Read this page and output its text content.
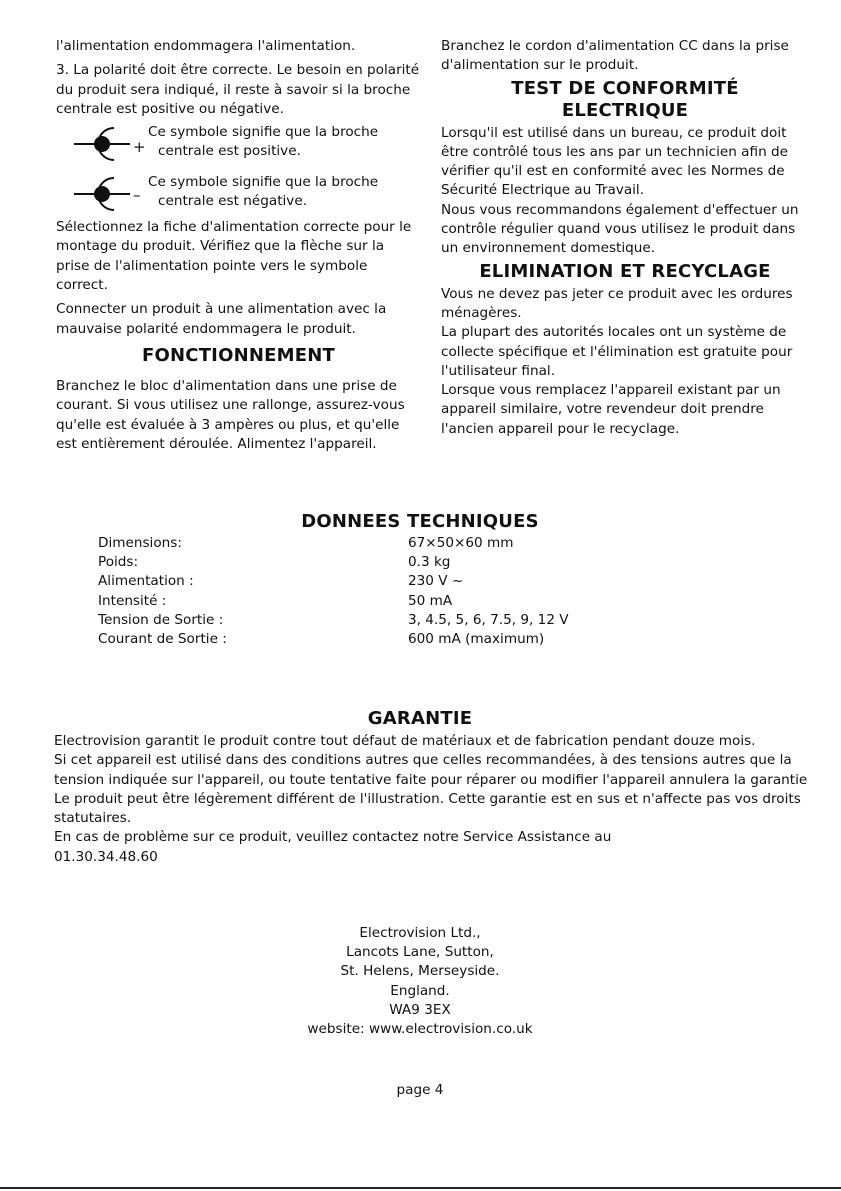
l'alimentation endommagera l'alimentation.

3. La polarité doit être correcte. Le besoin en polarité du produit sera indiqué, il reste à savoir si la broche centrale est positive ou négative.

+
Ce symbole signifie que la broche
centrale est positive.
–
Ce symbole signifie que la broche
centrale est négative.

Sélectionnez la fiche d'alimentation correcte pour le montage du produit. Vérifiez que la flèche sur la prise de l'alimentation pointe vers le symbole correct.

Connecter un produit à une alimentation avec la mauvaise polarité endommagera le produit.

FONCTIONNEMENT

Branchez le bloc d'alimentation dans une prise de courant. Si vous utilisez une rallonge, assurez-vous qu'elle est évaluée à 3 ampères ou plus, et qu'elle est entièrement déroulée. Alimentez l'appareil.

Branchez le cordon d'alimentation CC dans la prise d'alimentation sur le produit.

TEST DE CONFORMITÉ
ELECTRIQUE

Lorsqu'il est utilisé dans un bureau, ce produit doit être contrôlé tous les ans par un technicien afin de vérifier qu'il est en conformité avec les Normes de Sécurité Electrique au Travail.

Nous vous recommandons également d'effectuer un contrôle régulier quand vous utilisez le produit dans un environnement domestique.

ELIMINATION ET RECYCLAGE

Vous ne devez pas jeter ce produit avec les ordures ménagères.

La plupart des autorités locales ont un système de collecte spécifique et l'élimination est gratuite pour l'utilisateur final.

Lorsque vous remplacez l'appareil existant par un appareil similaire, votre revendeur doit prendre l'ancien appareil pour le recyclage.

DONNEES TECHNIQUES
Dimensions:	67×50×60 mm
Poids:	0.3 kg
Alimentation :	230 V ~
Intensité :	50 mA
Tension de Sortie :	3, 4.5, 5, 6, 7.5, 9, 12 V
Courant de Sortie :	600 mA (maximum)
GARANTIE

Electrovision garantit le produit contre tout défaut de matériaux et de fabrication pendant douze mois.

Si cet appareil est utilisé dans des conditions autres que celles recommandées, à des tensions autres que la tension indiquée sur l'appareil, ou toute tentative faite pour réparer ou modifier l'appareil annulera la garantie

Le produit peut être légèrement différent de l'illustration. Cette garantie est en sus et n'affecte pas vos droits statutaires.

En cas de problème sur ce produit, veuillez contactez notre Service Assistance au

01.30.34.48.60

Electrovision Ltd.,
Lancots Lane, Sutton,
St. Helens, Merseyside.
England.
WA9 3EX
website: www.electrovision.co.uk
page 4
